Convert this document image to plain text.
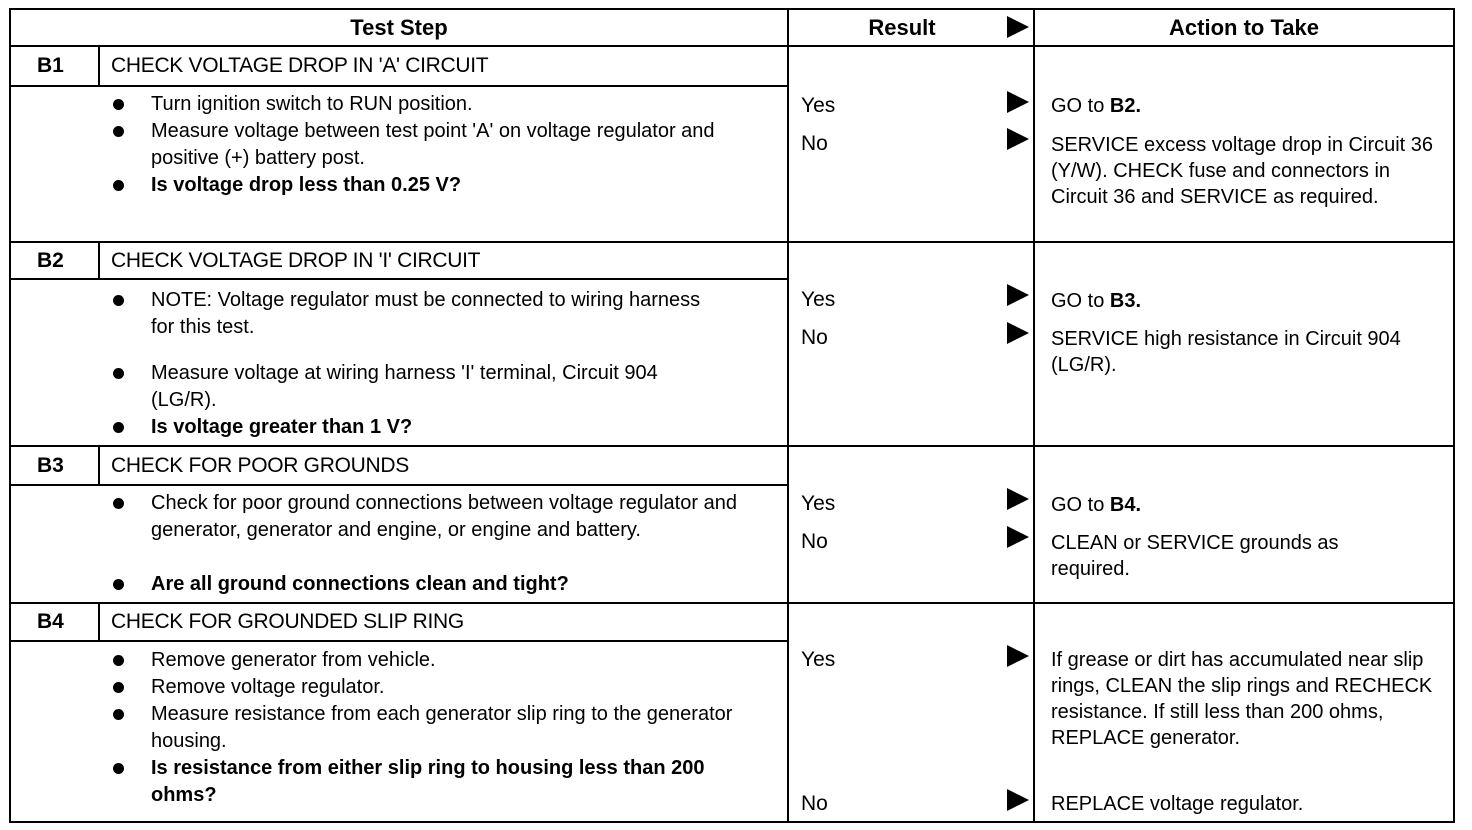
Test Step	Result	Action to Take
B1 CHECK VOLTAGE DROP IN 'A' CIRCUIT
Turn ignition switch to RUN position.
Measure voltage between test point 'A' on voltage regulator and positive (+) battery post.
Is voltage drop less than 0.25 V?
Yes
No
GO to B2.
SERVICE excess voltage drop in Circuit 36 (Y/W). CHECK fuse and connectors in Circuit 36 and SERVICE as required.
B2 CHECK VOLTAGE DROP IN 'I' CIRCUIT
NOTE: Voltage regulator must be connected to wiring harness for this test.
Measure voltage at wiring harness 'I' terminal, Circuit 904 (LG/R).
Is voltage greater than 1 V?
Yes
No
GO to B3.
SERVICE high resistance in Circuit 904 (LG/R).
B3 CHECK FOR POOR GROUNDS
Check for poor ground connections between voltage regulator and generator, generator and engine, or engine and battery.
Are all ground connections clean and tight?
Yes
No
GO to B4.
CLEAN or SERVICE grounds as required.
B4 CHECK FOR GROUNDED SLIP RING
Remove generator from vehicle.
Remove voltage regulator.
Measure resistance from each generator slip ring to the generator housing.
Is resistance from either slip ring to housing less than 200 ohms?
Yes
No
If grease or dirt has accumulated near slip rings, CLEAN the slip rings and RECHECK resistance. If still less than 200 ohms, REPLACE generator.
REPLACE voltage regulator.
